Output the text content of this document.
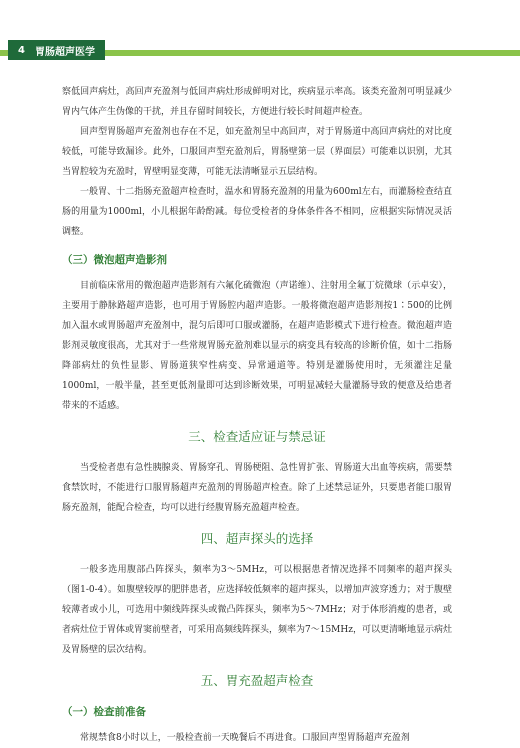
4 胃肠超声医学

察低回声病灶，高回声充盈剂与低回声病灶形成鲜明对比，疾病显示率高。该类充盈剂可明显减少胃内气体产生伪像的干扰，并且存留时间较长，方便进行较长时间超声检查。

回声型胃肠超声充盈剂也存在不足，如充盈剂呈中高回声，对于胃肠道中高回声病灶的对比度较低，可能导致漏诊。此外，口服回声型充盈剂后，胃肠壁第一层（界面层）可能难以识别，尤其当胃腔较为充盈时，胃壁明显变薄，可能无法清晰显示五层结构。

一般胃、十二指肠充盈超声检查时，温水和胃肠充盈剂的用量为600ml左右，而灌肠检查结直肠的用量为1000ml，小儿根据年龄酌减。每位受检者的身体条件各不相同，应根据实际情况灵活调整。

（三）微泡超声造影剂

目前临床常用的微泡超声造影剂有六氟化硫微泡（声诺维）、注射用全氟丁烷微球（示卓安），主要用于静脉路超声造影，也可用于胃肠腔内超声造影。一般将微泡超声造影剂按1∶500的比例加入温水或胃肠超声充盈剂中，混匀后即可口服或灌肠，在超声造影模式下进行检查。微泡超声造影剂灵敏度很高，尤其对于一些常规胃肠充盈剂难以显示的病变具有较高的诊断价值，如十二指肠降部病灶的负性显影、胃肠道狭窄性病变、异常通道等。特别是灌肠使用时，无须灌注足量1000ml，一般半量，甚至更低剂量即可达到诊断效果，可明显减轻大量灌肠导致的便意及给患者带来的不适感。

三、检查适应证与禁忌证

当受检者患有急性胰腺炎、胃肠穿孔、胃肠梗阻、急性胃扩张、胃肠道大出血等疾病，需要禁食禁饮时，不能进行口服胃肠超声充盈剂的胃肠超声检查。除了上述禁忌证外，只要患者能口服胃肠充盈剂，能配合检查，均可以进行经腹胃肠充盈超声检查。

四、超声探头的选择

一般多选用腹部凸阵探头，频率为3～5MHz，可以根据患者情况选择不同频率的超声探头（图1-0-4）。如腹壁较厚的肥胖患者，应选择较低频率的超声探头，以增加声波穿透力；对于腹壁较薄者或小儿，可选用中频线阵探头或微凸阵探头，频率为5～7MHz；对于体形消瘦的患者，或者病灶位于胃体或胃窦前壁者，可采用高频线阵探头，频率为7～15MHz，可以更清晰地显示病灶及胃肠壁的层次结构。

五、胃充盈超声检查
（一）检查前准备

常规禁食8小时以上，一般检查前一天晚餐后不再进食。口服回声型胃肠超声充盈剂
